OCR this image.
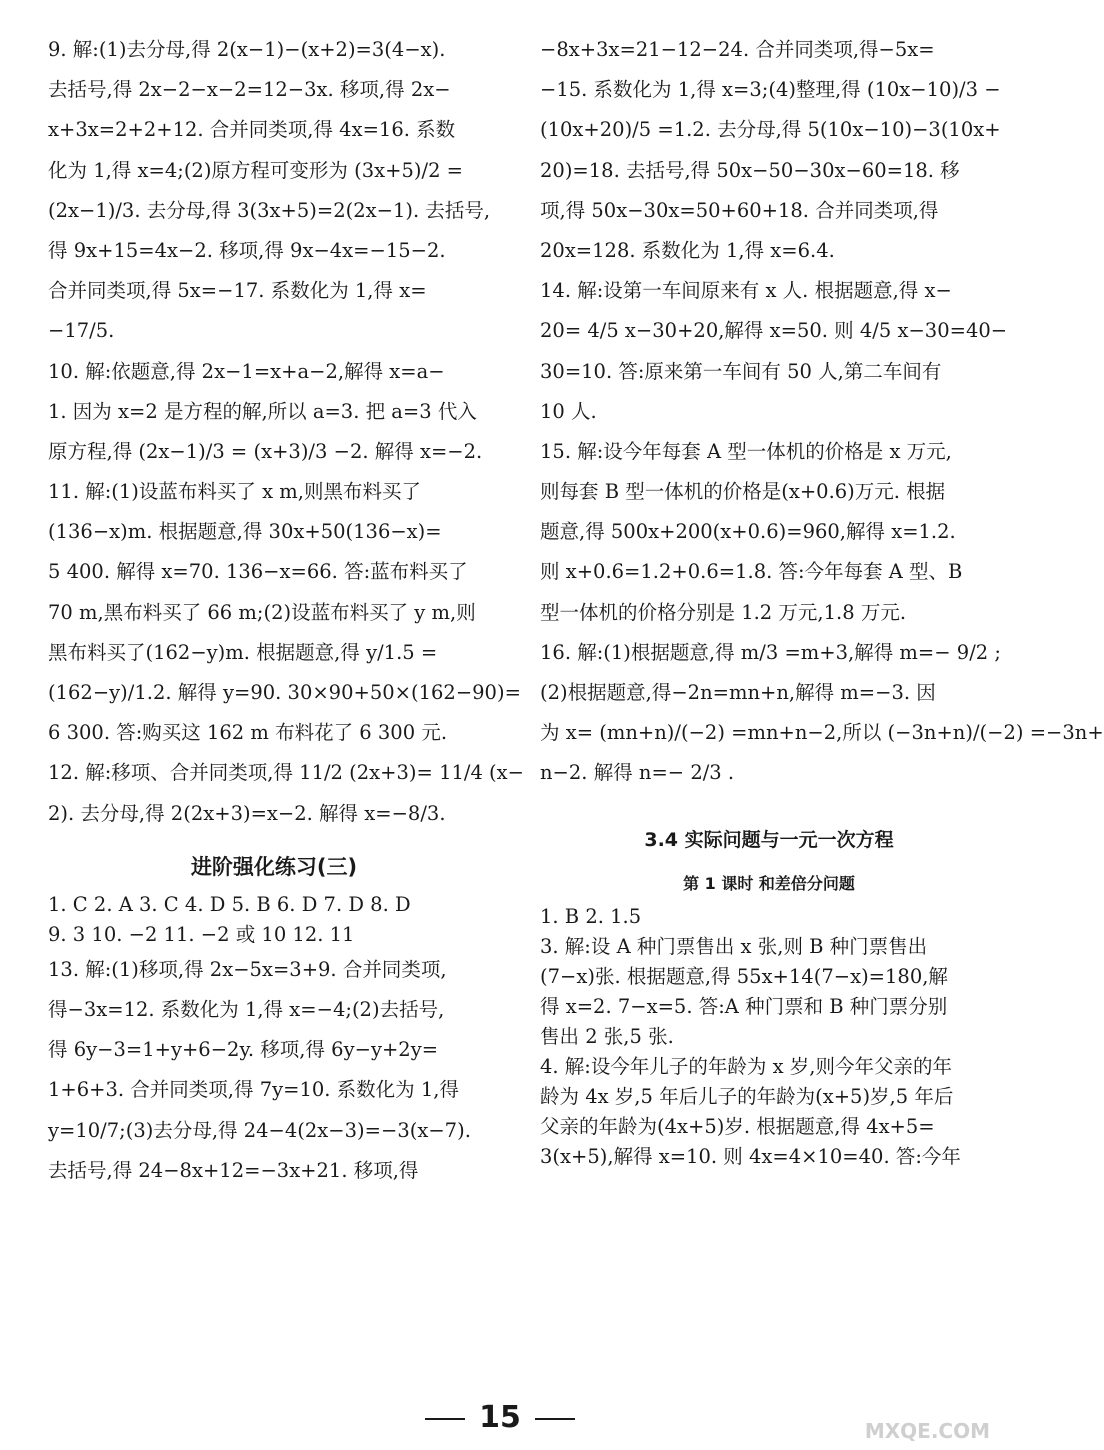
9. 解:(1)去分母,得 2(x−1)−(x+2)=3(4−x).
去括号,得 2x−2−x−2=12−3x. 移项,得 2x−
x+3x=2+2+12. 合并同类项,得 4x=16. 系数
化为 1,得 x=4;(2)原方程可变形为 (3x+5)/2 =
(2x−1)/3. 去分母,得 3(3x+5)=2(2x−1). 去括号,
得 9x+15=4x−2. 移项,得 9x−4x=−15−2.
合并同类项,得 5x=−17. 系数化为 1,得 x=
−17/5.
10. 解:依题意,得 2x−1=x+a−2,解得 x=a−
1. 因为 x=2 是方程的解,所以 a=3. 把 a=3 代入
原方程,得 (2x−1)/3 = (x+3)/3 −2. 解得 x=−2.
11. 解:(1)设蓝布料买了 x m,则黑布料买了
(136−x)m. 根据题意,得 30x+50(136−x)=
5 400. 解得 x=70. 136−x=66. 答:蓝布料买了
70 m,黑布料买了 66 m;(2)设蓝布料买了 y m,则
黑布料买了(162−y)m. 根据题意,得 y/1.5 =
(162−y)/1.2. 解得 y=90. 30×90+50×(162−90)=
6 300. 答:购买这 162 m 布料花了 6 300 元.
12. 解:移项、合并同类项,得 11/2 (2x+3)= 11/4 (x−
2). 去分母,得 2(2x+3)=x−2. 解得 x=−8/3.
进阶强化练习(三)
1. C 2. A 3. C 4. D 5. B 6. D 7. D 8. D
9. 3 10. −2 11. −2 或 10 12. 11
13. 解:(1)移项,得 2x−5x=3+9. 合并同类项,
得−3x=12. 系数化为 1,得 x=−4;(2)去括号,
得 6y−3=1+y+6−2y. 移项,得 6y−y+2y=
1+6+3. 合并同类项,得 7y=10. 系数化为 1,得
y=10/7;(3)去分母,得 24−4(2x−3)=−3(x−7).
去括号,得 24−8x+12=−3x+21. 移项,得
−8x+3x=21−12−24. 合并同类项,得−5x=
−15. 系数化为 1,得 x=3;(4)整理,得 (10x−10)/3 −
(10x+20)/5 =1.2. 去分母,得 5(10x−10)−3(10x+
20)=18. 去括号,得 50x−50−30x−60=18. 移
项,得 50x−30x=50+60+18. 合并同类项,得
20x=128. 系数化为 1,得 x=6.4.
14. 解:设第一车间原来有 x 人. 根据题意,得 x−
20= 4/5 x−30+20,解得 x=50. 则 4/5 x−30=40−
30=10. 答:原来第一车间有 50 人,第二车间有
10 人.
15. 解:设今年每套 A 型一体机的价格是 x 万元,
则每套 B 型一体机的价格是(x+0.6)万元. 根据
题意,得 500x+200(x+0.6)=960,解得 x=1.2.
则 x+0.6=1.2+0.6=1.8. 答:今年每套 A 型、B
型一体机的价格分别是 1.2 万元,1.8 万元.
16. 解:(1)根据题意,得 m/3 =m+3,解得 m=− 9/2 ;
(2)根据题意,得−2n=mn+n,解得 m=−3. 因
为 x= (mn+n)/(−2) =mn+n−2,所以 (−3n+n)/(−2) =−3n+
n−2. 解得 n=− 2/3 .
3.4 实际问题与一元一次方程
第 1 课时 和差倍分问题
1. B 2. 1.5
3. 解:设 A 种门票售出 x 张,则 B 种门票售出
(7−x)张. 根据题意,得 55x+14(7−x)=180,解
得 x=2. 7−x=5. 答:A 种门票和 B 种门票分别
售出 2 张,5 张.
4. 解:设今年儿子的年龄为 x 岁,则今年父亲的年
龄为 4x 岁,5 年后儿子的年龄为(x+5)岁,5 年后
父亲的年龄为(4x+5)岁. 根据题意,得 4x+5=
3(x+5),解得 x=10. 则 4x=4×10=40. 答:今年
15	MXQE.COM
